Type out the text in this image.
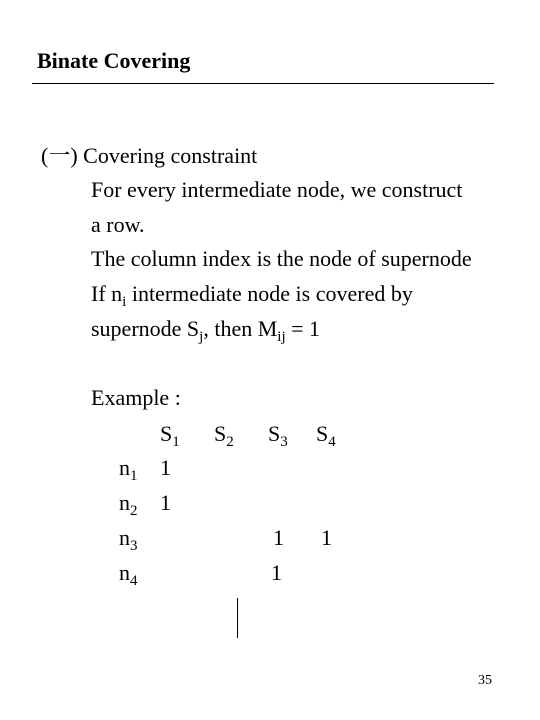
Binate Covering
(一) Covering constraint
For every intermediate node, we construct
a row.
The column index is the node of supernode
If $n_i$ intermediate node is covered by
supernode $S_j$, then $M_{ij} = 1$
Example :
$S_1$ $S_2$ $S_3$ $S_4$
$n_1$
$n_2$
$n_3$
$n_4$
1
1
1 1
1
35
